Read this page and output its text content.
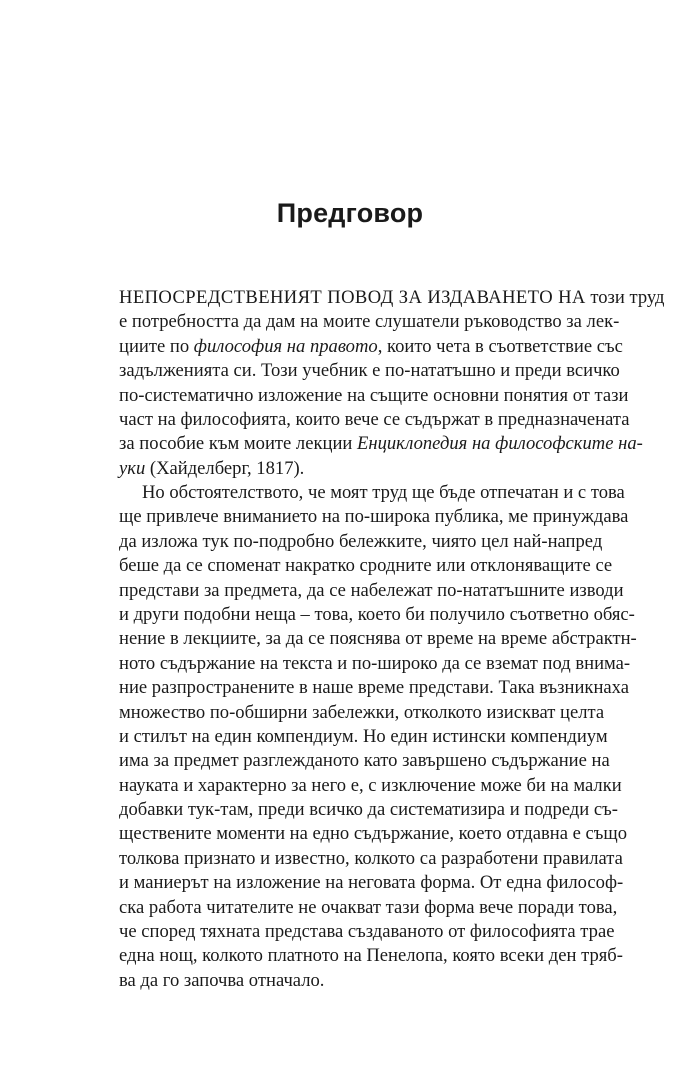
Предговор
НЕПОСРЕДСТВЕНИЯТ ПОВОД ЗА ИЗДАВАНЕТО НА този труд
е потребността да дам на моите слушатели ръководство за лек-
циите по философия на правото, които чета в съответствие със
задълженията си. Този учебник е по-нататъшно и преди всичко
по-систематично изложение на същите основни понятия от тази
част на философията, които вече се съдържат в предназначената
за пособие към моите лекции Енциклопедия на философските на-
уки (Хайделберг, 1817).
Но обстоятелството, че моят труд ще бъде отпечатан и с това
ще привлече вниманието на по-широка публика, ме принуждава
да изложа тук по-подробно бележките, чиято цел най-напред
беше да се споменат накратко сродните или отклоняващите се
представи за предмета, да се набележат по-нататъшните изводи
и други подобни неща – това, което би получило съответно обяс-
нение в лекциите, за да се пояснява от време на време абстрактн-
ното съдържание на текста и по-широко да се вземат под внима-
ние разпространените в наше време представи. Така възникнаха
множество по-обширни забележки, отколкото изискват целта
и стилът на един компендиум. Но един истински компендиум
има за предмет разглежданото като завършено съдържание на
науката и характерно за него е, с изключение може би на малки
добавки тук-там, преди всичко да систематизира и подреди съ-
ществените моменти на едно съдържание, което отдавна е също
толкова признато и известно, колкото са разработени правилата
и маниерът на изложение на неговата форма. От една философ-
ска работа читателите не очакват тази форма вече поради това,
че според тяхната представа създаваното от философията трае
една нощ, колкото платното на Пенелопа, която всеки ден тряб-
ва да го започва отначало.
